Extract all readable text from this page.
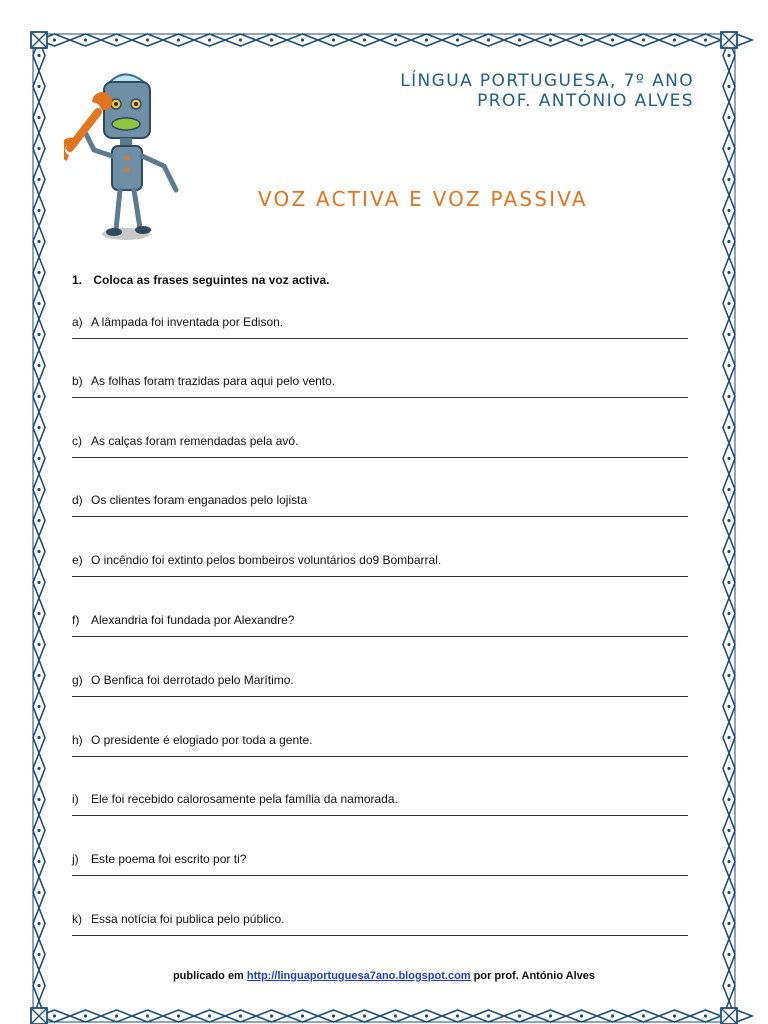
LÍNGUA PORTUGUESA, 7º ANO
PROF. ANTÓNIO ALVES
VOZ ACTIVA E VOZ PASSIVA
1. Coloca as frases seguintes na voz activa.
a) A lâmpada foi inventada por Edison.
b) As folhas foram trazidas para aqui pelo vento.
c) As calças foram remendadas pela avó.
d) Os clientes foram enganados pelo lojista
e) O incêndio foi extinto pelos bombeiros voluntários do9 Bombarral.
f) Alexandria foi fundada por Alexandre?
g) O Benfica foi derrotado pelo Marítimo.
h) O presidente é elogiado por toda a gente.
i) Ele foi recebido calorosamente pela família da namorada.
j) Este poema foi escrito por ti?
k) Essa notícia foi publica pelo público.
publicado em http://linguaportuguesa7ano.blogspot.com por prof. António Alves
